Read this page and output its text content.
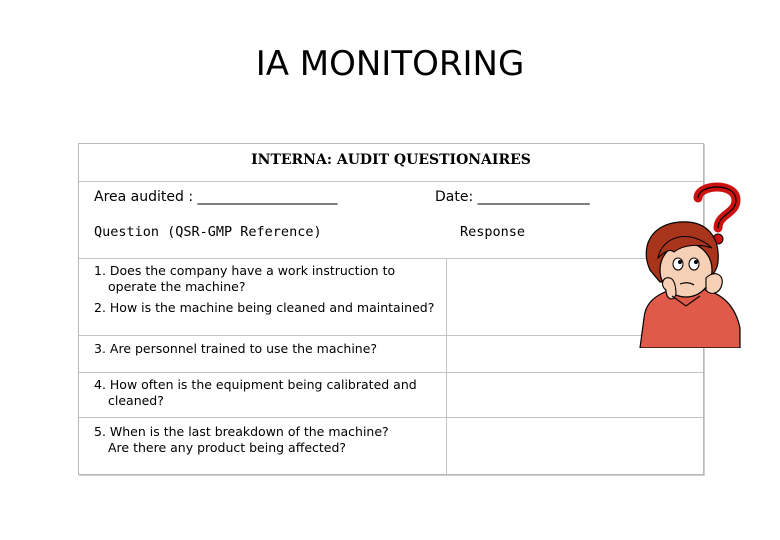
IA MONITORING
INTERNA: AUDIT QUESTIONAIRES
Area audited : ____________________	Date: ________________
Question (QSR-GMP Reference)	Response
1. Does the company have a work instruction to
operate the machine?
2. How is the machine being cleaned and maintained?
3. Are personnel trained to use the machine?
4. How often is the equipment being calibrated and
cleaned?
5. When is the last breakdown of the machine?
Are there any product being affected?
